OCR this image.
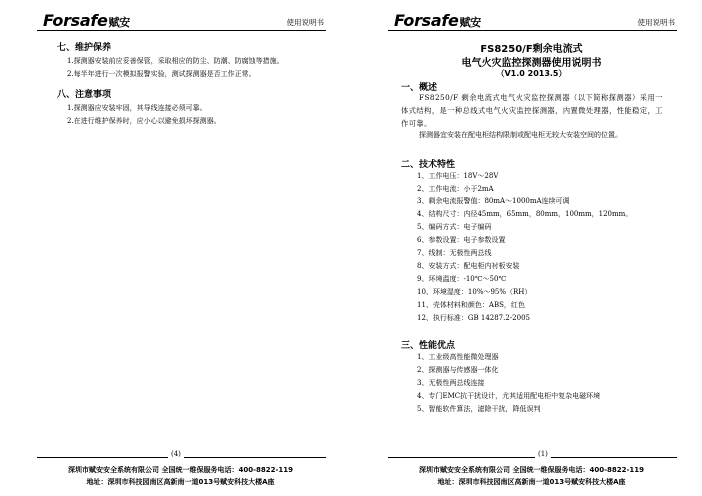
Forsafe赋安	使用说明书
七、维护保养
1.探测器安装前应妥善保管，采取相应的防尘、防潮、防腐蚀等措施。
2.每半年进行一次模拟报警实验，测试探测器是否工作正常。
八、注意事项
1.探测器应安装牢固，其导线连接必须可靠。
2.在进行维护保养时，应小心以避免损坏探测器。
(4)
深圳市赋安安全系统有限公司 全国统一维保服务电话：400-8822-119
地址：深圳市科技园南区高新南一道013号赋安科技大楼A座
Forsafe赋安	使用说明书
FS8250/F剩余电流式
电气火灾监控探测器使用说明书
（V1.0 2013.5）
一、概述
FS8250/F 剩余电流式电气火灾监控探测器（以下简称探测器）采用一体式结构，是一种总线式电气火灾监控探测器，内置微处理器，性能稳定，工作可靠。
探测器宜安装在配电柜结构限制或配电柜无较大安装空间的位置。
二、技术特性
1、工作电压：18V～28V
2、工作电流：小于2mA
3、剩余电流报警值：80mA～1000mA连续可调
4、结构尺寸：内径45mm，65mm，80mm，100mm，120mm。
5、编码方式：电子编码
6、参数设置：电子参数设置
7、线制：无极性两总线
8、安装方式：配电柜内衬板安装
9、环境温度：-10℃～50℃
10、环境湿度：10%～95%（RH）
11、壳体材料和颜色：ABS，红色
12、执行标准：GB 14287.2-2005
三、性能优点
1、工业级高性能微处理器
2、探测器与传感器一体化
3、无极性两总线连接
4、专门EMC抗干扰设计，尤其适用配电柜中复杂电磁环境
5、智能软件算法，滤除干扰，降低误判
(1)
深圳市赋安安全系统有限公司 全国统一维保服务电话：400-8822-119
地址：深圳市科技园南区高新南一道013号赋安科技大楼A座
